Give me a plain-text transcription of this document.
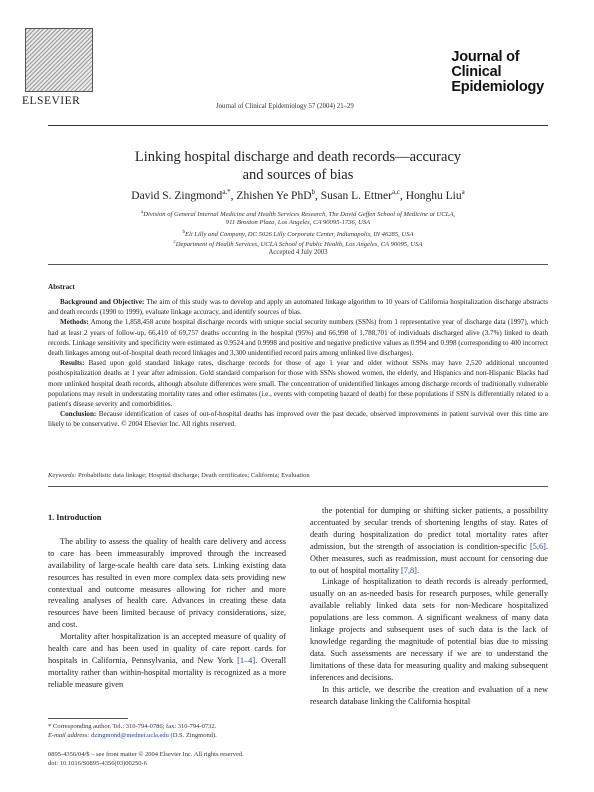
ELSEVIER	Journal of Clinical Epidemiology 57 (2004) 21–29
Journal of
Clinical
Epidemiology
Linking hospital discharge and death records—accuracy
and sources of bias
David S. Zingmond$^{a,*}$, Zhishen Ye PhD$^b$, Susan L. Ettner$^{a,c}$, Honghu Liu$^a$
$^a$Division of General Internal Medicine and Health Services Research, The David Geffen School of Medicine at UCLA,
911 Broxton Plaza, Los Angeles, CA 90095-1736, USA
$^b$Eli Lilly and Company, DC 5026 Lilly Corporate Center, Indianapolis, IN 46285, USA
$^c$Department of Health Services, UCLA School of Public Health, Los Angeles, CA 90095, USA
Accepted 4 July 2003
Abstract

Background and Objective: The aim of this study was to develop and apply an automated linkage algorithm to 10 years of California hospitalization discharge abstracts and death records (1990 to 1999), evaluate linkage accuracy, and identify sources of bias.

Methods: Among the 1,858,458 acute hospital discharge records with unique social security numbers (SSNs) from 1 representative year of discharge data (1997), which had at least 2 years of follow-up, 66,410 of 69,757 deaths occurring in the hospital (95%) and 66,998 of 1,788,701 of individuals discharged alive (3.7%) linked to death records. Linkage sensitivity and specificity were estimated as 0.9524 and 0.9998 and positive and negative predictive values as 0.994 and 0.998 (corresponding to 400 incorrect death linkages among out-of-hospital death record linkages and 3,300 unidentified record pairs among unlinked live discharges).

Results: Based upon gold standard linkage rates, discharge records for those of age 1 year and older without SSNs may have 2,520 additional uncounted posthospitalization deaths at 1 year after admission. Gold standard comparison for those with SSNs showed women, the elderly, and Hispanics and non-Hispanic Blacks had more unlinked hospital death records, although absolute differences were small. The concentration of unidentified linkages among discharge records of traditionally vulnerable populations may result in understating mortality rates and other estimates (i.e., events with competing hazard of death) for these populations if SSN is differentially related to a patient's disease severity and comorbidities.

Conclusion: Because identification of cases of out-of-hospital deaths has improved over the past decade, observed improvements in patient survival over this time are likely to be conservative. © 2004 Elsevier Inc. All rights reserved.

Keywords: Probabilistic data linkage; Hospital discharge; Death certificates; California; Evaluation
1. Introduction

The ability to assess the quality of health care delivery and access to care has been immeasurably improved through the increased availability of large-scale health care data sets. Linking existing data resources has resulted in even more complex data sets providing new contextual and outcome measures allowing for richer and more revealing analyses of health care. Advances in creating these data resources have been limited because of privacy considerations, size, and cost.

Mortality after hospitalization is an accepted measure of quality of health care and has been used in quality of care report cards for hospitals in California, Pennsylvania, and New York [1–4]. Overall mortality rather than within-hospital mortality is recognized as a more reliable measure given

the potential for dumping or shifting sicker patients, a possibility accentuated by secular trends of shortening lengths of stay. Rates of death during hospitalization do predict total mortality rates after admission, but the strength of association is condition-specific [5,6]. Other measures, such as readmission, must account for censoring due to out of hospital mortality [7,8].

Linkage of hospitalization to death records is already performed, usually on an as-needed basis for research purposes, while generally available reliably linked data sets for non-Medicare hospitalized populations are less common. A significant weakness of many data linkage projects and subsequent uses of such data is the lack of knowledge regarding the magnitude of potential bias due to missing data. Such assessments are necessary if we are to understand the limitations of these data for measuring quality and making subsequent inferences and decisions.

In this article, we describe the creation and evaluation of a new research database linking the California hospital

* Corresponding author. Tel.: 310-794-0786; fax: 310-794-0732.
E-mail address: dzingmond@mednet.ucla.edu (D.S. Zingmond).
0895-4356/04/$ – see front matter © 2004 Elsevier Inc. All rights reserved.
doi: 10.1016/S0895-4356(03)00250-6
